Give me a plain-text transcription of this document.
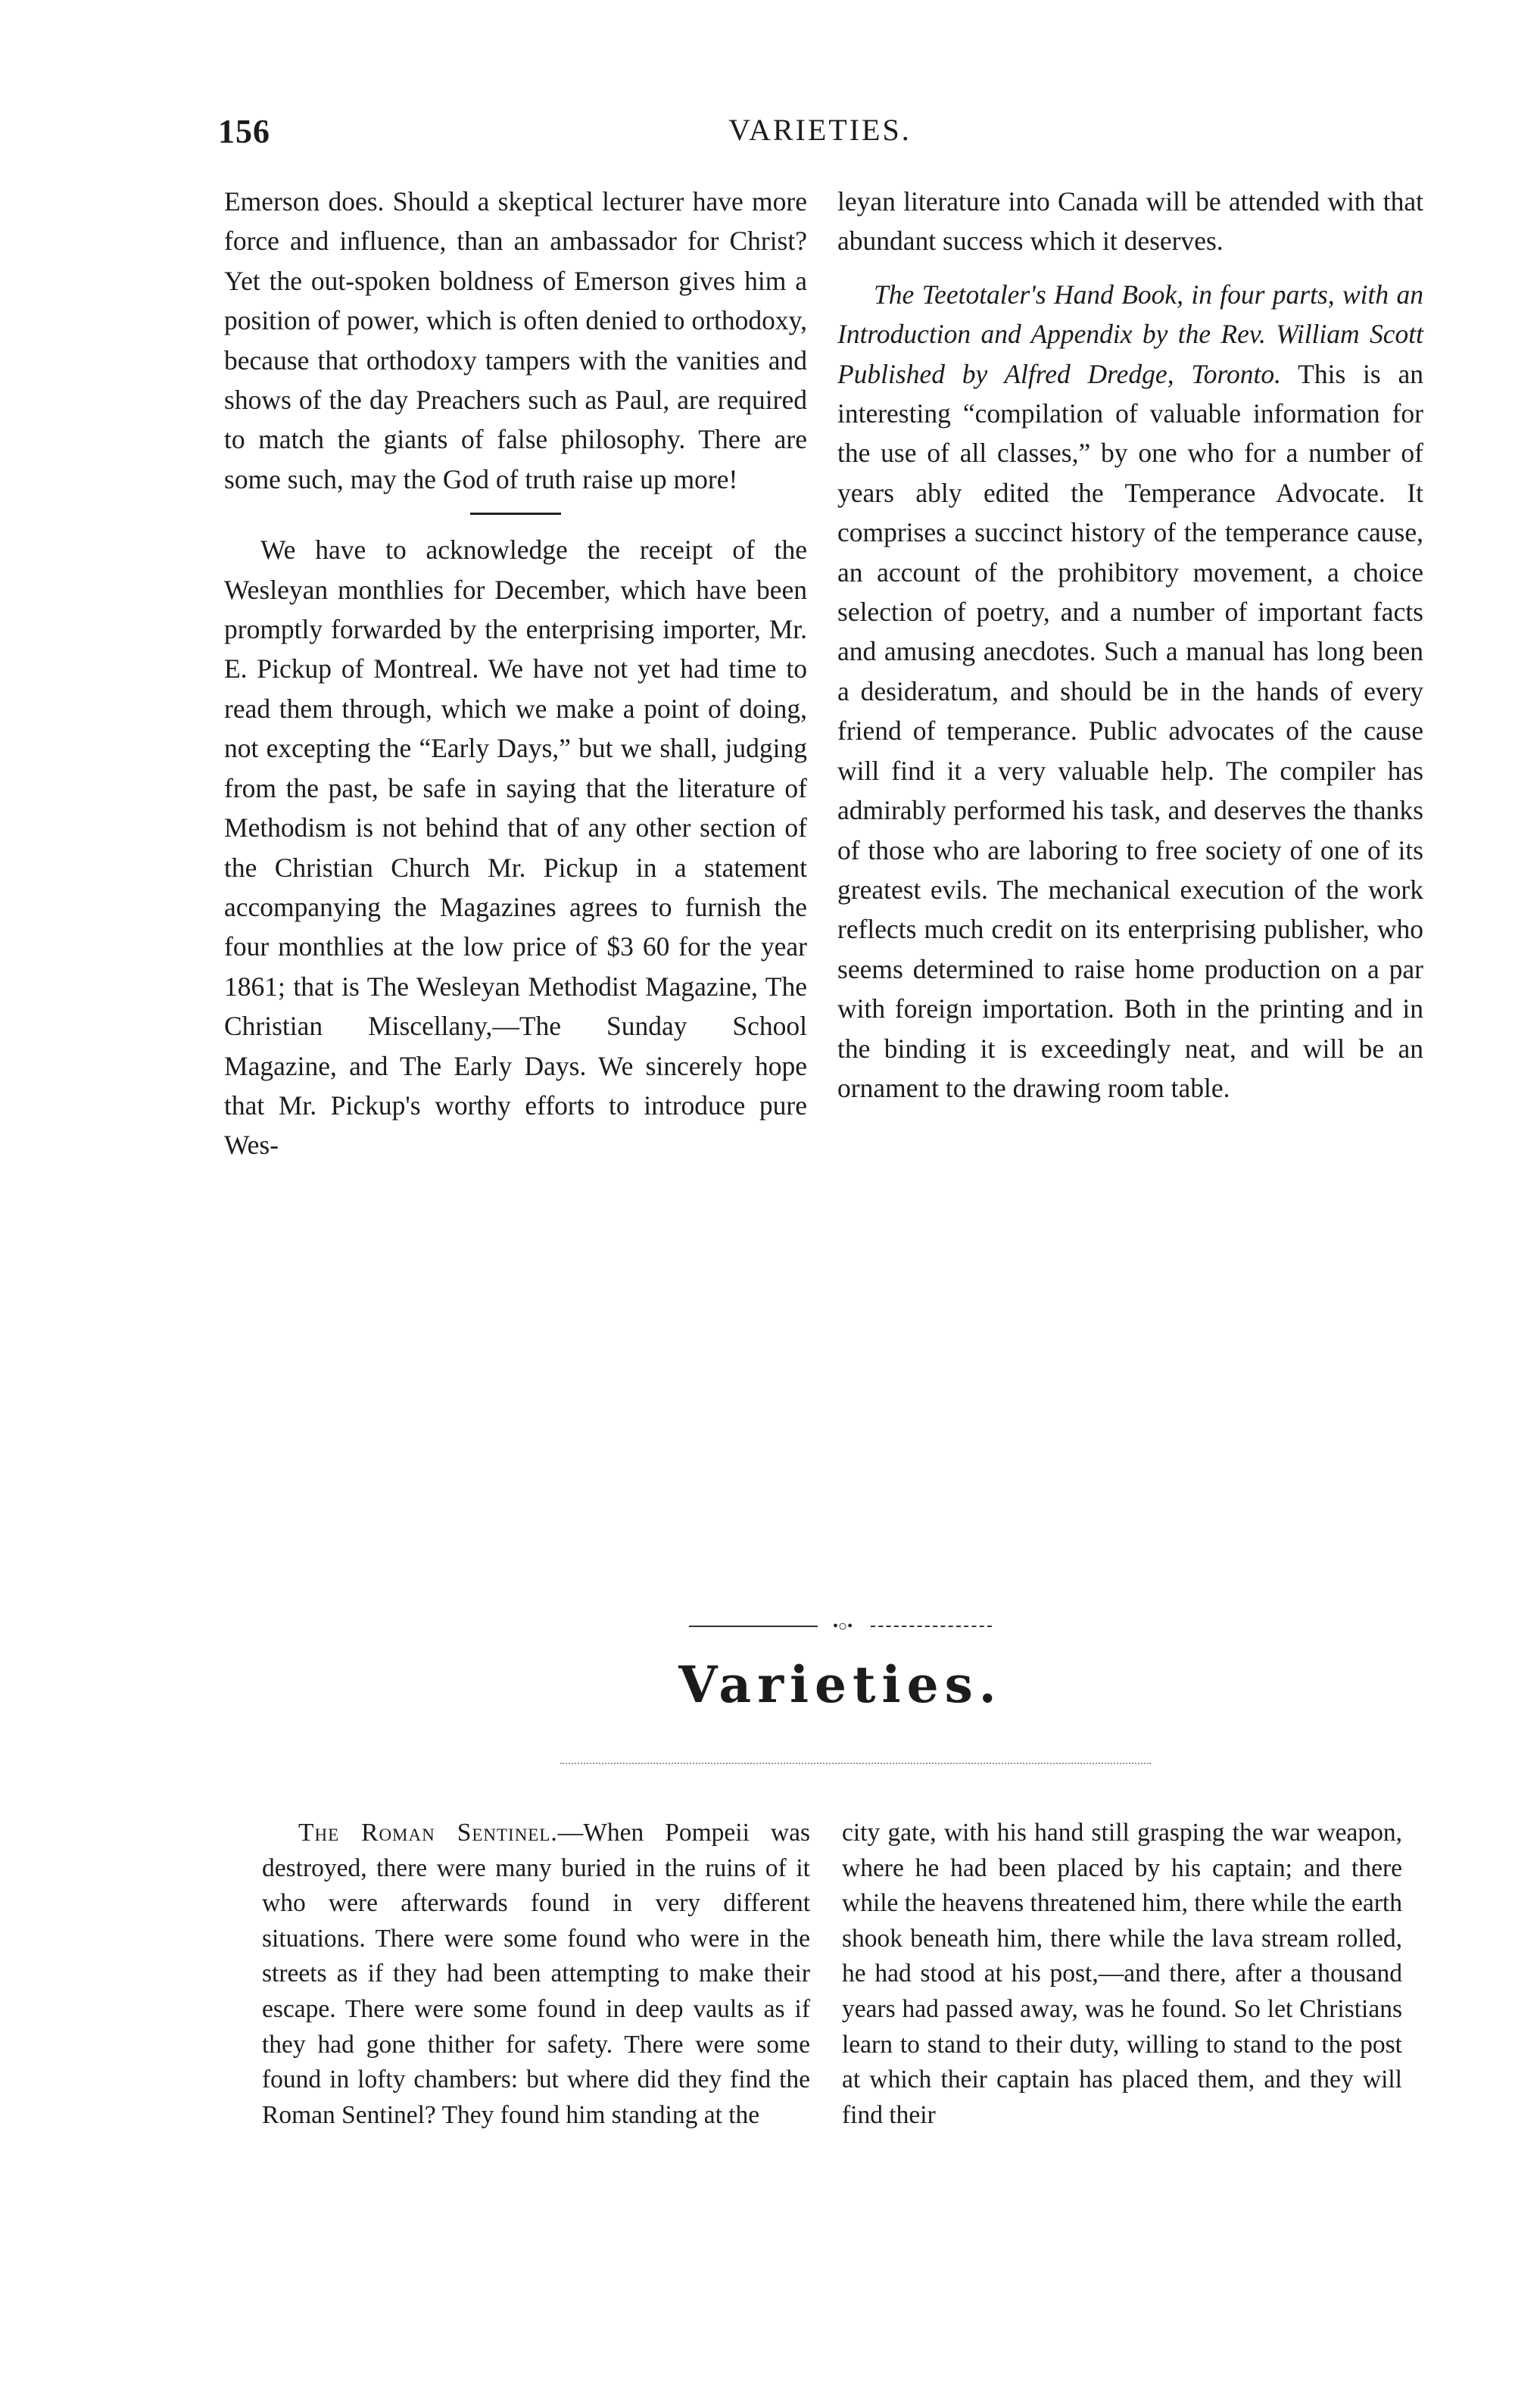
156	VARIETIES.

Emerson does. Should a skeptical lecturer have more force and influence, than an ambassador for Christ? Yet the out-spoken boldness of Emerson gives him a position of power, which is often denied to orthodoxy, because that orthodoxy tampers with the vanities and shows of the day Preachers such as Paul, are required to match the giants of false philosophy. There are some such, may the God of truth raise up more!

We have to acknowledge the receipt of the Wesleyan monthlies for December, which have been promptly forwarded by the enterprising importer, Mr. E. Pickup of Montreal. We have not yet had time to read them through, which we make a point of doing, not excepting the “Early Days,” but we shall, judging from the past, be safe in saying that the literature of Methodism is not behind that of any other section of the Christian Church Mr. Pickup in a statement accompanying the Magazines agrees to furnish the four monthlies at the low price of $3 60 for the year 1861; that is The Wesleyan Methodist Magazine, The Christian Miscellany,—The Sunday School Magazine, and The Early Days. We sincerely hope that Mr. Pickup's worthy efforts to introduce pure Wes-

leyan literature into Canada will be attended with that abundant success which it deserves.

The Teetotaler's Hand Book, in four parts, with an Introduction and Appendix by the Rev. William Scott Published by Alfred Dredge, Toronto. This is an interesting “compilation of valuable information for the use of all classes,” by one who for a number of years ably edited the Temperance Advocate. It comprises a succinct history of the temperance cause, an account of the prohibitory movement, a choice selection of poetry, and a number of important facts and amusing anecdotes. Such a manual has long been a desideratum, and should be in the hands of every friend of temperance. Public advocates of the cause will find it a very valuable help. The compiler has admirably performed his task, and deserves the thanks of those who are laboring to free society of one of its greatest evils. The mechanical execution of the work reflects much credit on its enterprising publisher, who seems determined to raise home production on a par with foreign importation. Both in the printing and in the binding it is exceedingly neat, and will be an ornament to the drawing room table.

•○•
Varieties.

The Roman Sentinel.—When Pompeii was destroyed, there were many buried in the ruins of it who were afterwards found in very different situations. There were some found who were in the streets as if they had been attempting to make their escape. There were some found in deep vaults as if they had gone thither for safety. There were some found in lofty chambers: but where did they find the Roman Sentinel? They found him standing at the

city gate, with his hand still grasping the war weapon, where he had been placed by his captain; and there while the heavens threatened him, there while the earth shook beneath him, there while the lava stream rolled, he had stood at his post,—and there, after a thousand years had passed away, was he found. So let Christians learn to stand to their duty, willing to stand to the post at which their captain has placed them, and they will find their
